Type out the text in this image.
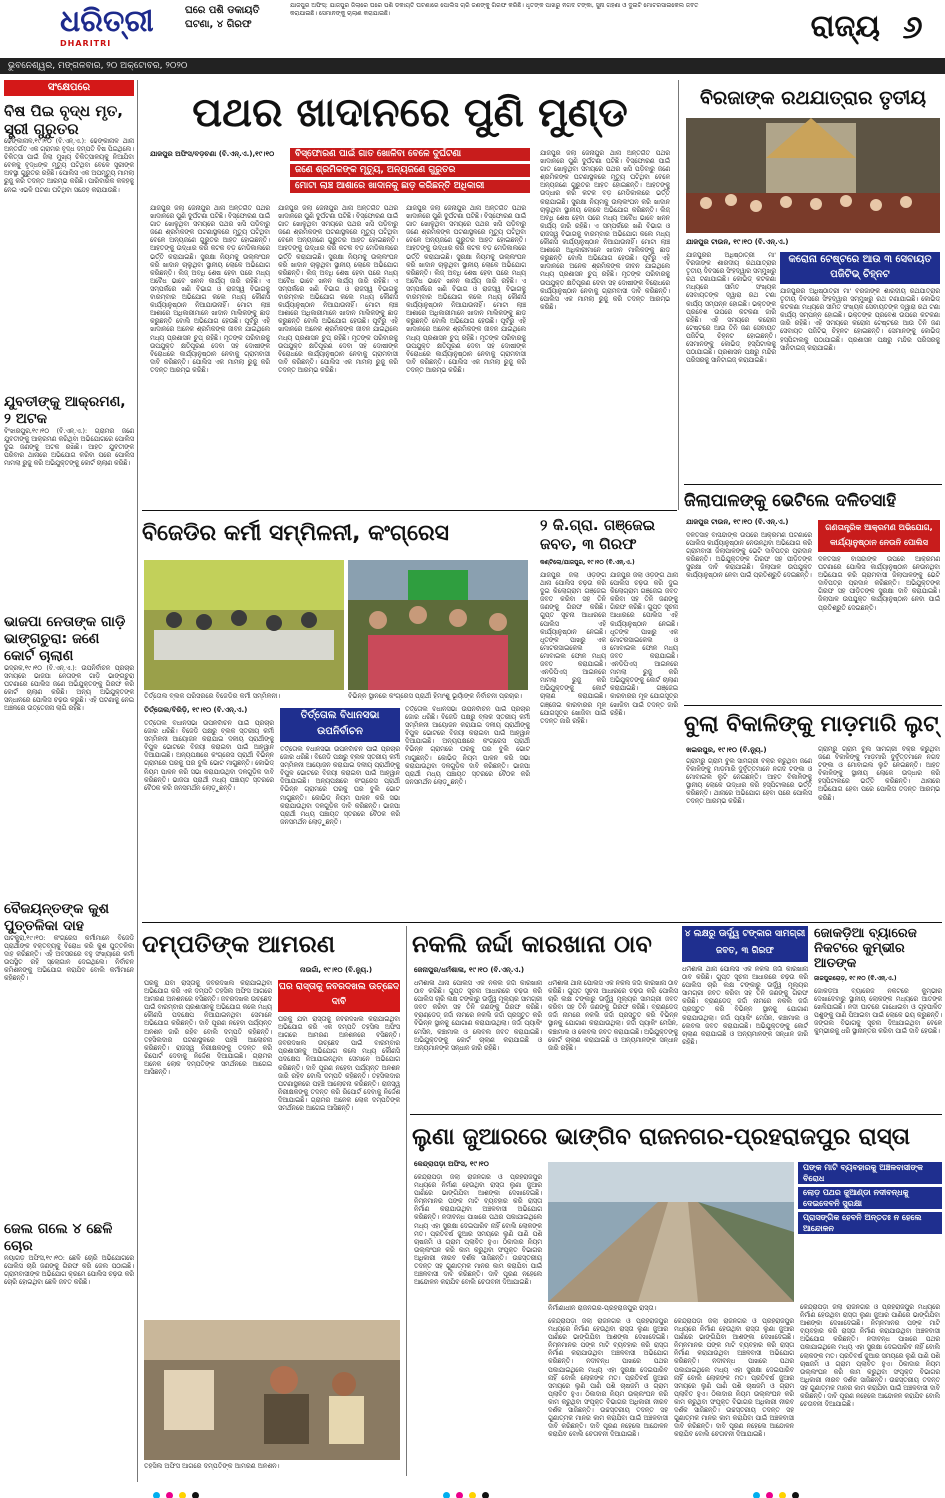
ଧରିତ୍ରୀ
DHARITRI
ଘରେ ପଶି ଡକାୟତି ଘଟଣା, ୪ ଗିରଫ
ଯାଜପୁର ଅଫିସ୍‌: ଯାଜପୁର ଜିଲାରେ ଘରେ ପଶି ଡକାୟତି ଘଟଣାରେ ପୋଲିସ ଚାରି ଜଣଙ୍କୁ ଗିରଫ କରିଛି। ଧୃତଙ୍କ ପାଖରୁ ନଗଦ ଟଙ୍କା, ସୁନା ଗହଣା ଓ ଦୁଇଟି ମୋଟରସାଇକେଲ ଜବତ କରାଯାଇଛି। ସେମାନଙ୍କୁ ଚାଲାଣ କରାଯାଇଛି।	ରାଜ୍ୟ ୬
ଭୁବନେଶ୍ୱର, ମଙ୍ଗଳବାର, ୨୦ ଅକ୍ଟୋବର, ୨୦୨୦
ସଂକ୍ଷେପରେ
ବିଷ ପିଇ ବୃଦ୍ଧ ମୃତ, ସ୍ତ୍ରୀ ଗୁରୁତର
ଢେଙ୍କାନାଳ,୧୯।୧୦ (ବି.ଏନ୍‌.ଏ.): ଢେଙ୍କାନାଳ ଥାନା ଅନ୍ତର୍ଗତ ଏକ ଗ୍ରାମର ବୃଦ୍ଧ ଦମ୍ପତି ବିଷ ପିଇଥିଲେ। ଚିକିତ୍ସା ପାଇଁ ଜିଲା ମୁଖ୍ୟ ଚିକିତ୍ସାଳୟକୁ ନିଆଯିବା ବେଳକୁ ବୃଦ୍ଧଙ୍କ ମୃତ୍ୟୁ ଘଟିଥିବା ବେଳେ ସ୍ତ୍ରୀଙ୍କ ଅବସ୍ଥା ଗୁରୁତର ରହିଛି। ପୋଲିସ ଏକ ଅପମୃତ୍ୟୁ ମାମଲା ରୁଜୁ କରି ତଦନ୍ତ ଆରମ୍ଭ କରିଛି। ପାରିବାରିକ କଳହକୁ ନେଇ ଏଭଳି ଘଟଣା ଘଟିଥିବା ସନ୍ଦେହ କରାଯାଉଛି।
ଯୁବତୀଙ୍କୁ ଆକ୍ରମଣ, ୨ ଅଟକ
ବିଂଝାରପୁର,୧୯।୧୦ (ବି.ଏନ୍‌.ଏ.): ଗ୍ରାମର ଜଣେ ଯୁବତୀଙ୍କୁ ଆକ୍ରମଣ କରିଥିବା ଅଭିଯୋଗରେ ପୋଲିସ ଦୁଇ ଜଣଙ୍କୁ ଅଟକ ରଖିଛି। ଆହତ ଯୁବତୀଙ୍କ ପରିବାର ଥାନାରେ ଅଭିଯୋଗ କରିବା ପରେ ପୋଲିସ ମାମଲା ରୁଜୁ କରି ଅଭିଯୁକ୍ତଙ୍କୁ କୋର୍ଟ ଚାଲାଣ କରିଛି।
ଭାଜପା ନେତାଙ୍କ ଗାଡ଼ି ଭାଙ୍ଗଚୁରା: ଜଣେ କୋର୍ଟ ଚାଲାଣ
ଭଦ୍ରକ,୧୯।୧୦ (ବି.ଏନ୍‌.ଏ.): ଉପନିର୍ବାଚନ ପ୍ରଚାର ସମୟରେ ଭାଜପା ନେତାଙ୍କ ଗାଡ଼ି ଭାଙ୍ଗଚୁରା ଘଟଣାରେ ପୋଲିସ ଜଣେ ଅଭିଯୁକ୍ତଙ୍କୁ ଗିରଫ କରି କୋର୍ଟ ଚାଲାଣ କରିଛି। ଅନ୍ୟ ଅଭିଯୁକ୍ତଙ୍କ ସନ୍ଧାନରେ ପୋଲିସ ଚଢ଼ଉ କରୁଛି। ଏହି ଘଟଣାକୁ ନେଇ ଅଞ୍ଚଳରେ ଉତ୍ତେଜନା ଲାଗି ରହିଛି।
ବୈଜୟନ୍ତଙ୍କ କୁଶ ପୁତ୍ତଳିକା ଦାହ
ପାଟକୁରା,୧୯।୧୦: କଂଗ୍ରେସ କର୍ମୀମାନେ ବିଜେଡି ପ୍ରାର୍ଥୀଙ୍କ ବକ୍ତବ୍ୟକୁ ବିରୋଧ କରି କୁଶ ପୁତ୍ତଳିକା ଦାହ କରିଛନ୍ତି। ଏହି ଅବସରରେ ବହୁ ସଂଖ୍ୟାରେ କର୍ମୀ ଉପସ୍ଥିତ ରହି ସ୍ଲୋଗାନ ଦେଇଥିଲେ। ନିର୍ବାଚନ କମିଶନଙ୍କୁ ଅଭିଯୋଗ କରାଯିବ ବୋଲି କର୍ମୀମାନେ କହିଛନ୍ତି।
ଜେଲ ଗଲେ ୪ ଛେଳି ଚୋର
ନୟାଗଡ଼ ଅଫିସ,୧୯।୧୦: ଛେଳି ଚୋରି ଅଭିଯୋଗରେ ପୋଲିସ ଚାରି ଜଣଙ୍କୁ ଗିରଫ କରି ଜେଲ ପଠାଇଛି। ଗ୍ରାମବାସୀଙ୍କ ଅଭିଯୋଗ କ୍ରମେ ପୋଲିସ ଚଢ଼ଉ କରି ଚୋରି ହୋଇଥିବା ଛେଳି ଜବତ କରିଛି।
ପଥର ଖାଦାନରେ ପୁଣି ମୁଣ୍ଡ
ଯାଜପୁର ଅଫିସ/ବଡ଼ଚଣା (ବି.ଏନ୍‌.ଏ.),୧୯।୧୦	ବିସ୍ଫୋରଣ ପାଇଁ ଗାତ ଖୋଳିବା ବେଳେ ଦୁର୍ଘଟଣା
ଜଣେ ଶ୍ରମିକଙ୍କ ମୃତ୍ୟୁ, ଅନ୍ୟଜଣେ ଗୁରୁତର
ମୋଟା ଲାଞ୍ଚ ଆଶାରେ ଖାଦାନକୁ ଛାଡ଼ କରିଛନ୍ତି ଅଧିକାରୀ
ଯାଜପୁର ଜିଲା ଜେନାପୁର ଥାନା ଅନ୍ତର୍ଗତ ପଥର ଖାଦାନରେ ପୁଣି ଦୁର୍ଘଟଣା ଘଟିଛି। ବିସ୍ଫୋରଣ ପାଇଁ ଗାତ ଖୋଳୁଥିବା ସମୟରେ ପଥର ଖସି ପଡ଼ିବାରୁ ଜଣେ ଶ୍ରମିକଙ୍କ ଘଟଣାସ୍ଥଳରେ ମୃତ୍ୟୁ ଘଟିଥିବା ବେଳେ ଅନ୍ୟଜଣେ ଗୁରୁତର ଆହତ ହୋଇଛନ୍ତି। ଆହତଙ୍କୁ ଉଦ୍ଧାର କରି କଟକ ବଡ଼ ମେଡିକାଲରେ ଭର୍ତ୍ତି କରାଯାଇଛି। ସୁରକ୍ଷା ନିୟମକୁ ଉଲ୍ଲଂଘନ କରି ଖାଦାନ ଚାଲୁଥିବା ସ୍ଥାନୀୟ ଲୋକେ ଅଭିଯୋଗ କରିଛନ୍ତି। ଲିଜ୍ ଅବଧି ଶେଷ ହେବା ପରେ ମଧ୍ୟ ଅବୈଧ ଭାବେ ଖନନ କାର୍ଯ୍ୟ ଜାରି ରହିଛି। ଏ ସମ୍ପର୍କରେ ଖଣି ବିଭାଗ ଓ ରାଜସ୍ୱ ବିଭାଗକୁ ବାରମ୍ବାର ଅଭିଯୋଗ କଲେ ମଧ୍ୟ କୌଣସି କାର୍ଯ୍ୟାନୁଷ୍ଠାନ ନିଆଯାଉନାହିଁ। ମୋଟା ଲାଞ୍ଚ ଆଶାରେ ଅଧିକାରୀମାନେ ଖାଦାନ ମାଲିକଙ୍କୁ ଛାଡ଼ କରୁଛନ୍ତି ବୋଲି ଅଭିଯୋଗ ହେଉଛି। ପୂର୍ବରୁ ଏହି ଖାଦାନରେ ଅନେକ ଶ୍ରମିକଙ୍କ ଜୀବନ ଯାଇଥିଲେ ମଧ୍ୟ ପ୍ରଶାସନ ଚୁପ୍ ରହିଛି। ମୃତଙ୍କ ପରିବାରକୁ ଉପଯୁକ୍ତ କ୍ଷତିପୂରଣ ଦେବା ସହ ଦୋଷୀଙ୍କ ବିରୋଧରେ କାର୍ଯ୍ୟାନୁଷ୍ଠାନ ନେବାକୁ ଗ୍ରାମବାସୀ ଦାବି କରିଛନ୍ତି। ପୋଲିସ ଏକ ମାମଲା ରୁଜୁ କରି ତଦନ୍ତ ଆରମ୍ଭ କରିଛି।
ଯାଜପୁର ଜିଲା ଜେନାପୁର ଥାନା ଅନ୍ତର୍ଗତ ପଥର ଖାଦାନରେ ପୁଣି ଦୁର୍ଘଟଣା ଘଟିଛି। ବିସ୍ଫୋରଣ ପାଇଁ ଗାତ ଖୋଳୁଥିବା ସମୟରେ ପଥର ଖସି ପଡ଼ିବାରୁ ଜଣେ ଶ୍ରମିକଙ୍କ ଘଟଣାସ୍ଥଳରେ ମୃତ୍ୟୁ ଘଟିଥିବା ବେଳେ ଅନ୍ୟଜଣେ ଗୁରୁତର ଆହତ ହୋଇଛନ୍ତି। ଆହତଙ୍କୁ ଉଦ୍ଧାର କରି କଟକ ବଡ଼ ମେଡିକାଲରେ ଭର୍ତ୍ତି କରାଯାଇଛି। ସୁରକ୍ଷା ନିୟମକୁ ଉଲ୍ଲଂଘନ କରି ଖାଦାନ ଚାଲୁଥିବା ସ୍ଥାନୀୟ ଲୋକେ ଅଭିଯୋଗ କରିଛନ୍ତି। ଲିଜ୍ ଅବଧି ଶେଷ ହେବା ପରେ ମଧ୍ୟ ଅବୈଧ ଭାବେ ଖନନ କାର୍ଯ୍ୟ ଜାରି ରହିଛି। ଏ ସମ୍ପର୍କରେ ଖଣି ବିଭାଗ ଓ ରାଜସ୍ୱ ବିଭାଗକୁ ବାରମ୍ବାର ଅଭିଯୋଗ କଲେ ମଧ୍ୟ କୌଣସି କାର୍ଯ୍ୟାନୁଷ୍ଠାନ ନିଆଯାଉନାହିଁ। ମୋଟା ଲାଞ୍ଚ ଆଶାରେ ଅଧିକାରୀମାନେ ଖାଦାନ ମାଲିକଙ୍କୁ ଛାଡ଼ କରୁଛନ୍ତି ବୋଲି ଅଭିଯୋଗ ହେଉଛି। ପୂର୍ବରୁ ଏହି ଖାଦାନରେ ଅନେକ ଶ୍ରମିକଙ୍କ ଜୀବନ ଯାଇଥିଲେ ମଧ୍ୟ ପ୍ରଶାସନ ଚୁପ୍ ରହିଛି। ମୃତଙ୍କ ପରିବାରକୁ ଉପଯୁକ୍ତ କ୍ଷତିପୂରଣ ଦେବା ସହ ଦୋଷୀଙ୍କ ବିରୋଧରେ କାର୍ଯ୍ୟାନୁଷ୍ଠାନ ନେବାକୁ ଗ୍ରାମବାସୀ ଦାବି କରିଛନ୍ତି। ପୋଲିସ ଏକ ମାମଲା ରୁଜୁ କରି ତଦନ୍ତ ଆରମ୍ଭ କରିଛି।
ଯାଜପୁର ଜିଲା ଜେନାପୁର ଥାନା ଅନ୍ତର୍ଗତ ପଥର ଖାଦାନରେ ପୁଣି ଦୁର୍ଘଟଣା ଘଟିଛି। ବିସ୍ଫୋରଣ ପାଇଁ ଗାତ ଖୋଳୁଥିବା ସମୟରେ ପଥର ଖସି ପଡ଼ିବାରୁ ଜଣେ ଶ୍ରମିକଙ୍କ ଘଟଣାସ୍ଥଳରେ ମୃତ୍ୟୁ ଘଟିଥିବା ବେଳେ ଅନ୍ୟଜଣେ ଗୁରୁତର ଆହତ ହୋଇଛନ୍ତି। ଆହତଙ୍କୁ ଉଦ୍ଧାର କରି କଟକ ବଡ଼ ମେଡିକାଲରେ ଭର୍ତ୍ତି କରାଯାଇଛି। ସୁରକ୍ଷା ନିୟମକୁ ଉଲ୍ଲଂଘନ କରି ଖାଦାନ ଚାଲୁଥିବା ସ୍ଥାନୀୟ ଲୋକେ ଅଭିଯୋଗ କରିଛନ୍ତି। ଲିଜ୍ ଅବଧି ଶେଷ ହେବା ପରେ ମଧ୍ୟ ଅବୈଧ ଭାବେ ଖନନ କାର୍ଯ୍ୟ ଜାରି ରହିଛି। ଏ ସମ୍ପର୍କରେ ଖଣି ବିଭାଗ ଓ ରାଜସ୍ୱ ବିଭାଗକୁ ବାରମ୍ବାର ଅଭିଯୋଗ କଲେ ମଧ୍ୟ କୌଣସି କାର୍ଯ୍ୟାନୁଷ୍ଠାନ ନିଆଯାଉନାହିଁ। ମୋଟା ଲାଞ୍ଚ ଆଶାରେ ଅଧିକାରୀମାନେ ଖାଦାନ ମାଲିକଙ୍କୁ ଛାଡ଼ କରୁଛନ୍ତି ବୋଲି ଅଭିଯୋଗ ହେଉଛି। ପୂର୍ବରୁ ଏହି ଖାଦାନରେ ଅନେକ ଶ୍ରମିକଙ୍କ ଜୀବନ ଯାଇଥିଲେ ମଧ୍ୟ ପ୍ରଶାସନ ଚୁପ୍ ରହିଛି। ମୃତଙ୍କ ପରିବାରକୁ ଉପଯୁକ୍ତ କ୍ଷତିପୂରଣ ଦେବା ସହ ଦୋଷୀଙ୍କ ବିରୋଧରେ କାର୍ଯ୍ୟାନୁଷ୍ଠାନ ନେବାକୁ ଗ୍ରାମବାସୀ ଦାବି କରିଛନ୍ତି। ପୋଲିସ ଏକ ମାମଲା ରୁଜୁ କରି ତଦନ୍ତ ଆରମ୍ଭ କରିଛି।
ଯାଜପୁର ଜିଲା ଜେନାପୁର ଥାନା ଅନ୍ତର୍ଗତ ପଥର ଖାଦାନରେ ପୁଣି ଦୁର୍ଘଟଣା ଘଟିଛି। ବିସ୍ଫୋରଣ ପାଇଁ ଗାତ ଖୋଳୁଥିବା ସମୟରେ ପଥର ଖସି ପଡ଼ିବାରୁ ଜଣେ ଶ୍ରମିକଙ୍କ ଘଟଣାସ୍ଥଳରେ ମୃତ୍ୟୁ ଘଟିଥିବା ବେଳେ ଅନ୍ୟଜଣେ ଗୁରୁତର ଆହତ ହୋଇଛନ୍ତି। ଆହତଙ୍କୁ ଉଦ୍ଧାର କରି କଟକ ବଡ଼ ମେଡିକାଲରେ ଭର୍ତ୍ତି କରାଯାଇଛି। ସୁରକ୍ଷା ନିୟମକୁ ଉଲ୍ଲଂଘନ କରି ଖାଦାନ ଚାଲୁଥିବା ସ୍ଥାନୀୟ ଲୋକେ ଅଭିଯୋଗ କରିଛନ୍ତି। ଲିଜ୍ ଅବଧି ଶେଷ ହେବା ପରେ ମଧ୍ୟ ଅବୈଧ ଭାବେ ଖନନ କାର୍ଯ୍ୟ ଜାରି ରହିଛି। ଏ ସମ୍ପର୍କରେ ଖଣି ବିଭାଗ ଓ ରାଜସ୍ୱ ବିଭାଗକୁ ବାରମ୍ବାର ଅଭିଯୋଗ କଲେ ମଧ୍ୟ କୌଣସି କାର୍ଯ୍ୟାନୁଷ୍ଠାନ ନିଆଯାଉନାହିଁ। ମୋଟା ଲାଞ୍ଚ ଆଶାରେ ଅଧିକାରୀମାନେ ଖାଦାନ ମାଲିକଙ୍କୁ ଛାଡ଼ କରୁଛନ୍ତି ବୋଲି ଅଭିଯୋଗ ହେଉଛି। ପୂର୍ବରୁ ଏହି ଖାଦାନରେ ଅନେକ ଶ୍ରମିକଙ୍କ ଜୀବନ ଯାଇଥିଲେ ମଧ୍ୟ ପ୍ରଶାସନ ଚୁପ୍ ରହିଛି। ମୃତଙ୍କ ପରିବାରକୁ ଉପଯୁକ୍ତ କ୍ଷତିପୂରଣ ଦେବା ସହ ଦୋଷୀଙ୍କ ବିରୋଧରେ କାର୍ଯ୍ୟାନୁଷ୍ଠାନ ନେବାକୁ ଗ୍ରାମବାସୀ ଦାବି କରିଛନ୍ତି। ପୋଲିସ ଏକ ମାମଲା ରୁଜୁ କରି ତଦନ୍ତ ଆରମ୍ଭ କରିଛି।
ବିରଜାଙ୍କ ରଥଯାତ୍ରାର ତୃତୀୟ
ଯାଜପୁର ଟାଉନ, ୧୯।୧୦ (ବି.ଏନ୍‌.ଏ.)
କରୋନା ଟେଷ୍ଟରେ ଆଉ ୩ ସେବାୟତ ପଜିଟିଭ୍ ଚିହ୍ନଟ
ଯାଜପୁରର ଅଧିଷ୍ଠାତ୍ରୀ ମା' ବିରଜାଙ୍କ ଶାରଦୀୟ ରଥଯାତ୍ରାର ତୃତୀୟ ଦିବସରେ ସିଂହଦ୍ୱାର ସମ୍ମୁଖରୁ ରଥ ଟଣାଯାଇଛି। କୋଭିଡ୍ କଟକଣା ମଧ୍ୟରେ ସୀମିତ ସଂଖ୍ୟକ ସେବାୟତଙ୍କ ଦ୍ୱାରା ରଥ ଟଣା କାର୍ଯ୍ୟ ସମ୍ପନ୍ନ ହୋଇଛି। ଭକ୍ତଙ୍କ ପ୍ରବେଶ ଉପରେ କଟକଣା ଜାରି ରହିଛି। ଏହି ସମୟରେ କରୋନା ଟେଷ୍ଟରେ ଆଉ ତିନି ଜଣ ସେବାୟତ ପଜିଟିଭ୍ ଚିହ୍ନଟ ହୋଇଛନ୍ତି। ସେମାନଙ୍କୁ କୋଭିଡ୍ ହସ୍ପିଟାଲକୁ ପଠାଯାଇଛି। ପ୍ରଶାସନ ପକ୍ଷରୁ ମନ୍ଦିର ପରିସରକୁ ସାନିଟାଇଜ୍ କରାଯାଇଛି।
ଯାଜପୁରର ଅଧିଷ୍ଠାତ୍ରୀ ମା' ବିରଜାଙ୍କ ଶାରଦୀୟ ରଥଯାତ୍ରାର ତୃତୀୟ ଦିବସରେ ସିଂହଦ୍ୱାର ସମ୍ମୁଖରୁ ରଥ ଟଣାଯାଇଛି। କୋଭିଡ୍ କଟକଣା ମଧ୍ୟରେ ସୀମିତ ସଂଖ୍ୟକ ସେବାୟତଙ୍କ ଦ୍ୱାରା ରଥ ଟଣା କାର୍ଯ୍ୟ ସମ୍ପନ୍ନ ହୋଇଛି। ଭକ୍ତଙ୍କ ପ୍ରବେଶ ଉପରେ କଟକଣା ଜାରି ରହିଛି। ଏହି ସମୟରେ କରୋନା ଟେଷ୍ଟରେ ଆଉ ତିନି ଜଣ ସେବାୟତ ପଜିଟିଭ୍ ଚିହ୍ନଟ ହୋଇଛନ୍ତି। ସେମାନଙ୍କୁ କୋଭିଡ୍ ହସ୍ପିଟାଲକୁ ପଠାଯାଇଛି। ପ୍ରଶାସନ ପକ୍ଷରୁ ମନ୍ଦିର ପରିସରକୁ ସାନିଟାଇଜ୍ କରାଯାଇଛି।
ଜିଲାପାଳଙ୍କୁ ଭେଟିଲେ ଦଳିତସାହି
ଯାଜପୁର ଟାଉନ, ୧୯।୧୦ (ବି.ଏନ୍‌.ଏ.)
ଗଣତାନ୍ତ୍ରିକ ଆକ୍ରମଣ ଅଭିଯୋଗ, କାର୍ଯ୍ୟାନୁଷ୍ଠାନ ନେଉନି ପୋଲିସ
ଦଳିତସାହି ବାସିନ୍ଦାଙ୍କ ଉପରେ ଆକ୍ରମଣ ଘଟଣାରେ ପୋଲିସ କାର୍ଯ୍ୟାନୁଷ୍ଠାନ ନେଉନଥିବା ଅଭିଯୋଗ କରି ଗ୍ରାମବାସୀ ଜିଲାପାଳଙ୍କୁ ଭେଟି ଦାବିପତ୍ର ପ୍ରଦାନ କରିଛନ୍ତି। ଅଭିଯୁକ୍ତଙ୍କ ଗିରଫ ସହ ପୀଡ଼ିତଙ୍କ ସୁରକ୍ଷା ଦାବି କରାଯାଇଛି। ଜିଲାପାଳ ଉପଯୁକ୍ତ କାର୍ଯ୍ୟାନୁଷ୍ଠାନ ନେବା ପାଇଁ ପ୍ରତିଶ୍ରୁତି ଦେଇଛନ୍ତି।
ଦଳିତସାହି ବାସିନ୍ଦାଙ୍କ ଉପରେ ଆକ୍ରମଣ ଘଟଣାରେ ପୋଲିସ କାର୍ଯ୍ୟାନୁଷ୍ଠାନ ନେଉନଥିବା ଅଭିଯୋଗ କରି ଗ୍ରାମବାସୀ ଜିଲାପାଳଙ୍କୁ ଭେଟି ଦାବିପତ୍ର ପ୍ରଦାନ କରିଛନ୍ତି। ଅଭିଯୁକ୍ତଙ୍କ ଗିରଫ ସହ ପୀଡ଼ିତଙ୍କ ସୁରକ୍ଷା ଦାବି କରାଯାଇଛି। ଜିଲାପାଳ ଉପଯୁକ୍ତ କାର୍ଯ୍ୟାନୁଷ୍ଠାନ ନେବା ପାଇଁ ପ୍ରତିଶ୍ରୁତି ଦେଇଛନ୍ତି।
ବୁଲା ବିକାଳିଙ୍କୁ ମାଡ଼ମାରି ଲୁଟ୍
ଖଇରପୁର, ୧୯।୧୦ (ବି.ନ୍ୟୁ.)
ଗ୍ରାମରୁ ଗ୍ରାମ ବୁଲି ସାମଗ୍ରୀ ବିକ୍ରି କରୁଥିବା ଜଣେ ବିକାଳିଙ୍କୁ ମାଡ଼ମାରି ଦୁର୍ବୃତ୍ତମାନେ ନଗଦ ଟଙ୍କା ଓ ମୋବାଇଲ ଲୁଟି ନେଇଛନ୍ତି। ଆହତ ବିକାଳିଙ୍କୁ ସ୍ଥାନୀୟ ଲୋକେ ଉଦ୍ଧାର କରି ହସ୍ପିଟାଲରେ ଭର୍ତ୍ତି କରିଛନ୍ତି। ଥାନାରେ ଅଭିଯୋଗ ହେବା ପରେ ପୋଲିସ ତଦନ୍ତ ଆରମ୍ଭ କରିଛି।
ଗ୍ରାମରୁ ଗ୍ରାମ ବୁଲି ସାମଗ୍ରୀ ବିକ୍ରି କରୁଥିବା ଜଣେ ବିକାଳିଙ୍କୁ ମାଡ଼ମାରି ଦୁର୍ବୃତ୍ତମାନେ ନଗଦ ଟଙ୍କା ଓ ମୋବାଇଲ ଲୁଟି ନେଇଛନ୍ତି। ଆହତ ବିକାଳିଙ୍କୁ ସ୍ଥାନୀୟ ଲୋକେ ଉଦ୍ଧାର କରି ହସ୍ପିଟାଲରେ ଭର୍ତ୍ତି କରିଛନ୍ତି। ଥାନାରେ ଅଭିଯୋଗ ହେବା ପରେ ପୋଲିସ ତଦନ୍ତ ଆରମ୍ଭ କରିଛି।
ବିଜେଡିର କର୍ମୀ ସମ୍ମିଳନୀ, କଂଗ୍ରେସ
ତିର୍ତ୍ତୋଲ ବ୍ଲକ ପରିସରରେ ବିଜେଡିର କର୍ମୀ ସମ୍ମିଳନୀ।	ବିଭିନ୍ନ ସ୍ଥାନରେ କଂଗ୍ରେସ ପ୍ରାର୍ଥୀ ହିମାଂଶୁ ଭୂୟାଁଙ୍କ ନିର୍ବାଚନୀ ପ୍ରଚାର।
ତିର୍ତ୍ତୋଲ/ବିରିଡ଼ି, ୧୯।୧୦ (ବି.ଏନ୍‌.ଏ.)	ତିର୍ତ୍ତୋଲ ବିଧାନସଭା ଉପନିର୍ବାଚନ
ତିର୍ତ୍ତୋଲ ବିଧାନସଭା ଉପନିର୍ବାଚନ ପାଇଁ ପ୍ରଚାର ଜୋର ଧରିଛି। ବିଜେଡି ପକ୍ଷରୁ ବ୍ଲକ ସ୍ତରୀୟ କର୍ମୀ ସମ୍ମିଳନୀ ଆୟୋଜନ କରାଯାଇ ଦଳୀୟ ପ୍ରାର୍ଥୀଙ୍କୁ ବିପୁଳ ଭୋଟରେ ବିଜୟୀ କରାଇବା ପାଇଁ ଆହ୍ୱାନ ଦିଆଯାଇଛି। ଅନ୍ୟପକ୍ଷରେ କଂଗ୍ରେସ ପ୍ରାର୍ଥୀ ବିଭିନ୍ନ ଗ୍ରାମରେ ଘରକୁ ଘର ବୁଲି ଭୋଟ ମାଗୁଛନ୍ତି। କୋଭିଡ୍ ନିୟମ ପାଳନ କରି ସଭା କରାଯାଉଥିବା ଦଳଗୁଡ଼ିକ ଦାବି କରିଛନ୍ତି। ଭାଜପା ପ୍ରାର୍ଥୀ ମଧ୍ୟ ପଞ୍ଚାୟତ ସ୍ତରରେ ବୈଠକ କରି ଜନସମର୍ଥନ ଲୋଡ଼ୁଛନ୍ତି।
ତିର୍ତ୍ତୋଲ ବିଧାନସଭା ଉପନିର୍ବାଚନ ପାଇଁ ପ୍ରଚାର ଜୋର ଧରିଛି। ବିଜେଡି ପକ୍ଷରୁ ବ୍ଲକ ସ୍ତରୀୟ କର୍ମୀ ସମ୍ମିଳନୀ ଆୟୋଜନ କରାଯାଇ ଦଳୀୟ ପ୍ରାର୍ଥୀଙ୍କୁ ବିପୁଳ ଭୋଟରେ ବିଜୟୀ କରାଇବା ପାଇଁ ଆହ୍ୱାନ ଦିଆଯାଇଛି। ଅନ୍ୟପକ୍ଷରେ କଂଗ୍ରେସ ପ୍ରାର୍ଥୀ ବିଭିନ୍ନ ଗ୍ରାମରେ ଘରକୁ ଘର ବୁଲି ଭୋଟ ମାଗୁଛନ୍ତି। କୋଭିଡ୍ ନିୟମ ପାଳନ କରି ସଭା କରାଯାଉଥିବା ଦଳଗୁଡ଼ିକ ଦାବି କରିଛନ୍ତି। ଭାଜପା ପ୍ରାର୍ଥୀ ମଧ୍ୟ ପଞ୍ଚାୟତ ସ୍ତରରେ ବୈଠକ କରି ଜନସମର୍ଥନ ଲୋଡ଼ୁଛନ୍ତି।
ତିର୍ତ୍ତୋଲ ବିଧାନସଭା ଉପନିର୍ବାଚନ ପାଇଁ ପ୍ରଚାର ଜୋର ଧରିଛି। ବିଜେଡି ପକ୍ଷରୁ ବ୍ଲକ ସ୍ତରୀୟ କର୍ମୀ ସମ୍ମିଳନୀ ଆୟୋଜନ କରାଯାଇ ଦଳୀୟ ପ୍ରାର୍ଥୀଙ୍କୁ ବିପୁଳ ଭୋଟରେ ବିଜୟୀ କରାଇବା ପାଇଁ ଆହ୍ୱାନ ଦିଆଯାଇଛି। ଅନ୍ୟପକ୍ଷରେ କଂଗ୍ରେସ ପ୍ରାର୍ଥୀ ବିଭିନ୍ନ ଗ୍ରାମରେ ଘରକୁ ଘର ବୁଲି ଭୋଟ ମାଗୁଛନ୍ତି। କୋଭିଡ୍ ନିୟମ ପାଳନ କରି ସଭା କରାଯାଉଥିବା ଦଳଗୁଡ଼ିକ ଦାବି କରିଛନ୍ତି। ଭାଜପା ପ୍ରାର୍ଥୀ ମଧ୍ୟ ପଞ୍ଚାୟତ ସ୍ତରରେ ବୈଠକ କରି ଜନସମର୍ଥନ ଲୋଡ଼ୁଛନ୍ତି।
୨ କି.ଗ୍ରା. ଗଞ୍ଜେଇ ଜବତ, ୩ ଗିରଫ
କଣ୍ଟିଲୋ/ଯାଜପୁର, ୧୯।୧୦ (ବି.ଏନ୍‌.ଏ.)
ଯାଜପୁର ଜିଲା ଓଡ଼ଙ୍ଗ ଥାନା ପୋଲିସ ଚଢ଼ଉ କରି ଦୁଇ କିଲୋଗ୍ରାମ ଗଞ୍ଜେଇ ଜବତ କରିବା ସହ ତିନି ଜଣଙ୍କୁ ଗିରଫ କରିଛି। ଗୁପ୍ତ ସୂଚନା ଆଧାରରେ ପୋଲିସ ଏହି କାର୍ଯ୍ୟାନୁଷ୍ଠାନ ନେଇଛି। ଧୃତଙ୍କ ପାଖରୁ ଏକ ମୋଟରସାଇକେଲ ଓ ମୋବାଇଲ ଫୋନ ମଧ୍ୟ ଜବତ କରାଯାଇଛି। ଏନଡିପିଏସ୍ ଆଇନରେ ମାମଲା ରୁଜୁ କରି ଅଭିଯୁକ୍ତଙ୍କୁ କୋର୍ଟ ଚାଲାଣ କରାଯାଇଛି। ଗଞ୍ଜେଇ କାରବାରର ମୂଳ ଯୋଗସୂତ୍ର ଖୋଜିବା ପାଇଁ ତଦନ୍ତ ଜାରି ରହିଛି।
ଯାଜପୁର ଜିଲା ଓଡ଼ଙ୍ଗ ଥାନା ପୋଲିସ ଚଢ଼ଉ କରି ଦୁଇ କିଲୋଗ୍ରାମ ଗଞ୍ଜେଇ ଜବତ କରିବା ସହ ତିନି ଜଣଙ୍କୁ ଗିରଫ କରିଛି। ଗୁପ୍ତ ସୂଚନା ଆଧାରରେ ପୋଲିସ ଏହି କାର୍ଯ୍ୟାନୁଷ୍ଠାନ ନେଇଛି। ଧୃତଙ୍କ ପାଖରୁ ଏକ ମୋଟରସାଇକେଲ ଓ ମୋବାଇଲ ଫୋନ ମଧ୍ୟ ଜବତ କରାଯାଇଛି। ଏନଡିପିଏସ୍ ଆଇନରେ ମାମଲା ରୁଜୁ କରି ଅଭିଯୁକ୍ତଙ୍କୁ କୋର୍ଟ ଚାଲାଣ କରାଯାଇଛି। ଗଞ୍ଜେଇ କାରବାରର ମୂଳ ଯୋଗସୂତ୍ର ଖୋଜିବା ପାଇଁ ତଦନ୍ତ ଜାରି ରହିଛି।
ଦମ୍ପତିଙ୍କ ଆମରଣ
ନାଉଗାଁ, ୧୯।୧୦ (ବି.ନ୍ୟୁ.)
ଘର ରାସ୍ତାକୁ ଜବରଦଖଲ ଉଚ୍ଛେଦ ଦାବି
ଘରକୁ ଯିବା ରାସ୍ତାକୁ ଜବରଦଖଲ କରାଯାଇଥିବା ଅଭିଯୋଗ କରି ଏକ ଦମ୍ପତି ତହସିଲ ଅଫିସ ଆଗରେ ଆମରଣ ଅନଶନରେ ବସିଛନ୍ତି। ଜବରଦଖଲ ଉଚ୍ଛେଦ ପାଇଁ ବାରମ୍ବାର ପ୍ରଶାସନକୁ ଅଭିଯୋଗ କଲେ ମଧ୍ୟ କୌଣସି ପଦକ୍ଷେପ ନିଆଯାଇନଥିବା ସେମାନେ ଅଭିଯୋଗ କରିଛନ୍ତି। ଦାବି ପୂରଣ ନହେବା ପର୍ଯ୍ୟନ୍ତ ଅନଶନ ଜାରି ରହିବ ବୋଲି ଦମ୍ପତି କହିଛନ୍ତି। ତହସିଲଦାର ଘଟଣାସ୍ଥଳରେ ପହଞ୍ଚି ଆଲୋଚନା କରିଛନ୍ତି। ରାଜସ୍ୱ ନିରୀକ୍ଷକଙ୍କୁ ତଦନ୍ତ କରି ରିପୋର୍ଟ ଦେବାକୁ ନିର୍ଦ୍ଦେଶ ଦିଆଯାଇଛି। ଗ୍ରାମର ଅନେକ ଲୋକ ଦମ୍ପତିଙ୍କ ସମର୍ଥନରେ ଆଗେଇ ଆସିଛନ୍ତି।
ଘରକୁ ଯିବା ରାସ୍ତାକୁ ଜବରଦଖଲ କରାଯାଇଥିବା ଅଭିଯୋଗ କରି ଏକ ଦମ୍ପତି ତହସିଲ ଅଫିସ ଆଗରେ ଆମରଣ ଅନଶନରେ ବସିଛନ୍ତି। ଜବରଦଖଲ ଉଚ୍ଛେଦ ପାଇଁ ବାରମ୍ବାର ପ୍ରଶାସନକୁ ଅଭିଯୋଗ କଲେ ମଧ୍ୟ କୌଣସି ପଦକ୍ଷେପ ନିଆଯାଇନଥିବା ସେମାନେ ଅଭିଯୋଗ କରିଛନ୍ତି। ଦାବି ପୂରଣ ନହେବା ପର୍ଯ୍ୟନ୍ତ ଅନଶନ ଜାରି ରହିବ ବୋଲି ଦମ୍ପତି କହିଛନ୍ତି। ତହସିଲଦାର ଘଟଣାସ୍ଥଳରେ ପହଞ୍ଚି ଆଲୋଚନା କରିଛନ୍ତି। ରାଜସ୍ୱ ନିରୀକ୍ଷକଙ୍କୁ ତଦନ୍ତ କରି ରିପୋର୍ଟ ଦେବାକୁ ନିର୍ଦ୍ଦେଶ ଦିଆଯାଇଛି। ଗ୍ରାମର ଅନେକ ଲୋକ ଦମ୍ପତିଙ୍କ ସମର୍ଥନରେ ଆଗେଇ ଆସିଛନ୍ତି।
ତହସିଲ ଅଫିସ ଆଗରେ ଦମ୍ପତିଙ୍କ ଆମରଣ ଅନଶନ।
ନକଲି ଜର୍ଦ୍ଦା କାରଖାନା ଠାବ
ଜେନାପୁର/ଧର୍ମଶାଳା, ୧୯।୧୦ (ବି.ଏନ୍‌.ଏ.)
ଧର୍ମଶାଳା ଥାନା ପୋଲିସ ଏକ ନକଲି ଜର୍ଦ୍ଦା କାରଖାନା ଠାବ କରିଛି। ଗୁପ୍ତ ସୂଚନା ଆଧାରରେ ଚଢ଼ଉ କରି ପୋଲିସ ଚାରି ଲକ୍ଷ ଟଙ୍କାରୁ ଊର୍ଦ୍ଧ୍ୱ ମୂଲ୍ୟର ସାମଗ୍ରୀ ଜବତ କରିବା ସହ ତିନି ଜଣଙ୍କୁ ଗିରଫ କରିଛି। ବ୍ରାଣ୍ଡେଡ୍ ଜର୍ଦ୍ଦା ନାମରେ ନକଲି ଜର୍ଦ୍ଦା ପ୍ରସ୍ତୁତ କରି ବିଭିନ୍ନ ସ୍ଥାନକୁ ଯୋଗାଣ କରାଯାଉଥିଲା। ଜର୍ଦ୍ଦା ପ୍ୟାକିଂ ମେସିନ, କଞ୍ଚାମାଲ ଓ ଲେବଲ ଜବତ କରାଯାଇଛି। ଅଭିଯୁକ୍ତଙ୍କୁ କୋର୍ଟ ଚାଲାଣ କରାଯାଇଛି ଓ ଅନ୍ୟମାନଙ୍କ ସନ୍ଧାନ ଜାରି ରହିଛି।
ଧର୍ମଶାଳା ଥାନା ପୋଲିସ ଏକ ନକଲି ଜର୍ଦ୍ଦା କାରଖାନା ଠାବ କରିଛି। ଗୁପ୍ତ ସୂଚନା ଆଧାରରେ ଚଢ଼ଉ କରି ପୋଲିସ ଚାରି ଲକ୍ଷ ଟଙ୍କାରୁ ଊର୍ଦ୍ଧ୍ୱ ମୂଲ୍ୟର ସାମଗ୍ରୀ ଜବତ କରିବା ସହ ତିନି ଜଣଙ୍କୁ ଗିରଫ କରିଛି। ବ୍ରାଣ୍ଡେଡ୍ ଜର୍ଦ୍ଦା ନାମରେ ନକଲି ଜର୍ଦ୍ଦା ପ୍ରସ୍ତୁତ କରି ବିଭିନ୍ନ ସ୍ଥାନକୁ ଯୋଗାଣ କରାଯାଉଥିଲା। ଜର୍ଦ୍ଦା ପ୍ୟାକିଂ ମେସିନ, କଞ୍ଚାମାଲ ଓ ଲେବଲ ଜବତ କରାଯାଇଛି। ଅଭିଯୁକ୍ତଙ୍କୁ କୋର୍ଟ ଚାଲାଣ କରାଯାଇଛି ଓ ଅନ୍ୟମାନଙ୍କ ସନ୍ଧାନ ଜାରି ରହିଛି।
୪ ଲକ୍ଷରୁ ଊର୍ଦ୍ଧ୍ୱ ଟଙ୍କାର ସାମଗ୍ରୀ ଜବତ, ୩ ଗିରଫ
ଧର୍ମଶାଳା ଥାନା ପୋଲିସ ଏକ ନକଲି ଜର୍ଦ୍ଦା କାରଖାନା ଠାବ କରିଛି। ଗୁପ୍ତ ସୂଚନା ଆଧାରରେ ଚଢ଼ଉ କରି ପୋଲିସ ଚାରି ଲକ୍ଷ ଟଙ୍କାରୁ ଊର୍ଦ୍ଧ୍ୱ ମୂଲ୍ୟର ସାମଗ୍ରୀ ଜବତ କରିବା ସହ ତିନି ଜଣଙ୍କୁ ଗିରଫ କରିଛି। ବ୍ରାଣ୍ଡେଡ୍ ଜର୍ଦ୍ଦା ନାମରେ ନକଲି ଜର୍ଦ୍ଦା ପ୍ରସ୍ତୁତ କରି ବିଭିନ୍ନ ସ୍ଥାନକୁ ଯୋଗାଣ କରାଯାଉଥିଲା। ଜର୍ଦ୍ଦା ପ୍ୟାକିଂ ମେସିନ, କଞ୍ଚାମାଲ ଓ ଲେବଲ ଜବତ କରାଯାଇଛି। ଅଭିଯୁକ୍ତଙ୍କୁ କୋର୍ଟ ଚାଲାଣ କରାଯାଇଛି ଓ ଅନ୍ୟମାନଙ୍କ ସନ୍ଧାନ ଜାରି ରହିଛି।
ଜୋକଡ଼ିଆ ବ୍ୟାରେଜ ନିକଟରେ କୁମ୍ଭୀର ଆତଙ୍କ
ଜାଜପୁରରୋଡ଼, ୧୯।୧୦ (ବି.ଏନ୍‌.ଏ.)
ଜୋକଡ଼ିଆ ବ୍ୟାରେଜ ନିକଟରେ କୁମ୍ଭୀର ଦେଖାଦେବାରୁ ସ୍ଥାନୀୟ ଲୋକଙ୍କ ମଧ୍ୟରେ ଆତଙ୍କ ଖେଳିଯାଇଛି। ନଦୀ ଘାଟରେ ଗାଧୋଇବା ଓ ଗୃହପାଳିତ ପଶୁଙ୍କୁ ପାଣି ପିଆଇବା ପାଇଁ ଲୋକେ ଭୟ କରୁଛନ୍ତି। ଜଙ୍ଗଲ ବିଭାଗକୁ ସୂଚନା ଦିଆଯାଇଥିବା ବେଳେ କୁମ୍ଭୀରକୁ ଧରି ସ୍ଥାନାନ୍ତର କରିବା ପାଇଁ ଦାବି ହେଉଛି।
ଲୁଣା ଜୁଆରରେ ଭାଙ୍ଗିବ ରାଜନଗର-ପ୍ରହରାଜପୁର ରାସ୍ତା
କେନ୍ଦ୍ରାପଡ଼ା ଅଫିସ, ୧୯।୧୦
କେନ୍ଦ୍ରାପଡ଼ା ଜିଲା ରାଜନଗର ଓ ପ୍ରହରାଜପୁର ମଧ୍ୟରେ ନିର୍ମାଣ ହେଉଥିବା ରାସ୍ତା ଲୁଣା ଜୁଆର ପାଣିରେ ଭାଙ୍ଗିଯିବା ଆଶଙ୍କା ଦେଖାଦେଇଛି। ନିମ୍ନମାନର ପଙ୍କ ମାଟି ବ୍ୟବହାର କରି ରାସ୍ତା ନିର୍ମାଣ କରାଯାଉଥିବା ଅଞ୍ଚଳବାସୀ ଅଭିଯୋଗ କରିଛନ୍ତି। ନଦୀବନ୍ଧ ପାଖରେ ପଥର ପକାଯାଇଥିଲେ ମଧ୍ୟ ଏହା ସୁରକ୍ଷା ଦେଇପାରିବ ନାହିଁ ବୋଲି ଲୋକଙ୍କ ମତ। ପ୍ରତିବର୍ଷ ଜୁଆର ସମୟରେ ଲୁଣି ପାଣି ପଶି ଚାଷଜମି ଓ ଗ୍ରାମ ପ୍ଲାବିତ ହୁଏ। ଠିକାଦାର ନିୟମ ଉଲ୍ଲଂଘନ କରି କାମ କରୁଥିବା ସଂପୃକ୍ତ ବିଭାଗର ଅଧିକାରୀ ନୀରବ ଦର୍ଶକ ସାଜିଛନ୍ତି। ଉଚ୍ଚସ୍ତରୀୟ ତଦନ୍ତ ସହ ଗୁଣାତ୍ମକ ମାନର କାମ କରାଯିବା ପାଇଁ ଅଞ୍ଚଳବାସୀ ଦାବି କରିଛନ୍ତି। ଦାବି ପୂରଣ ନହେଲେ ଆନ୍ଦୋଳନ କରାଯିବ ବୋଲି ଚେତାବନୀ ଦିଆଯାଇଛି।
ନିର୍ମାଣାଧୀନ ରାଜନଗର-ପ୍ରହରାଜପୁର ରାସ୍ତା।
ପଙ୍କ ମାଟି ବ୍ୟବହାରକୁ ଅଞ୍ଚଳବାସୀଙ୍କ ବିରୋଧ
ଲୋଡ଼ ପଥର ଜୁଆଣ୍ଡା ନଦୀବନ୍ଧକୁ ଦେଇଦେବନି ସୁରକ୍ଷା
ପ୍ରାସଙ୍ଗିକ ହେବନି ଅନ୍ତତଃ ନ ହେଲେ ଆନ୍ଦୋଳନ
କେନ୍ଦ୍ରାପଡ଼ା ଜିଲା ରାଜନଗର ଓ ପ୍ରହରାଜପୁର ମଧ୍ୟରେ ନିର୍ମାଣ ହେଉଥିବା ରାସ୍ତା ଲୁଣା ଜୁଆର ପାଣିରେ ଭାଙ୍ଗିଯିବା ଆଶଙ୍କା ଦେଖାଦେଇଛି। ନିମ୍ନମାନର ପଙ୍କ ମାଟି ବ୍ୟବହାର କରି ରାସ୍ତା ନିର୍ମାଣ କରାଯାଉଥିବା ଅଞ୍ଚଳବାସୀ ଅଭିଯୋଗ କରିଛନ୍ତି। ନଦୀବନ୍ଧ ପାଖରେ ପଥର ପକାଯାଇଥିଲେ ମଧ୍ୟ ଏହା ସୁରକ୍ଷା ଦେଇପାରିବ ନାହିଁ ବୋଲି ଲୋକଙ୍କ ମତ। ପ୍ରତିବର୍ଷ ଜୁଆର ସମୟରେ ଲୁଣି ପାଣି ପଶି ଚାଷଜମି ଓ ଗ୍ରାମ ପ୍ଲାବିତ ହୁଏ। ଠିକାଦାର ନିୟମ ଉଲ୍ଲଂଘନ କରି କାମ କରୁଥିବା ସଂପୃକ୍ତ ବିଭାଗର ଅଧିକାରୀ ନୀରବ ଦର୍ଶକ ସାଜିଛନ୍ତି। ଉଚ୍ଚସ୍ତରୀୟ ତଦନ୍ତ ସହ ଗୁଣାତ୍ମକ ମାନର କାମ କରାଯିବା ପାଇଁ ଅଞ୍ଚଳବାସୀ ଦାବି କରିଛନ୍ତି। ଦାବି ପୂରଣ ନହେଲେ ଆନ୍ଦୋଳନ କରାଯିବ ବୋଲି ଚେତାବନୀ ଦିଆଯାଇଛି।
କେନ୍ଦ୍ରାପଡ଼ା ଜିଲା ରାଜନଗର ଓ ପ୍ରହରାଜପୁର ମଧ୍ୟରେ ନିର୍ମାଣ ହେଉଥିବା ରାସ୍ତା ଲୁଣା ଜୁଆର ପାଣିରେ ଭାଙ୍ଗିଯିବା ଆଶଙ୍କା ଦେଖାଦେଇଛି। ନିମ୍ନମାନର ପଙ୍କ ମାଟି ବ୍ୟବହାର କରି ରାସ୍ତା ନିର୍ମାଣ କରାଯାଉଥିବା ଅଞ୍ଚଳବାସୀ ଅଭିଯୋଗ କରିଛନ୍ତି। ନଦୀବନ୍ଧ ପାଖରେ ପଥର ପକାଯାଇଥିଲେ ମଧ୍ୟ ଏହା ସୁରକ୍ଷା ଦେଇପାରିବ ନାହିଁ ବୋଲି ଲୋକଙ୍କ ମତ। ପ୍ରତିବର୍ଷ ଜୁଆର ସମୟରେ ଲୁଣି ପାଣି ପଶି ଚାଷଜମି ଓ ଗ୍ରାମ ପ୍ଲାବିତ ହୁଏ। ଠିକାଦାର ନିୟମ ଉଲ୍ଲଂଘନ କରି କାମ କରୁଥିବା ସଂପୃକ୍ତ ବିଭାଗର ଅଧିକାରୀ ନୀରବ ଦର୍ଶକ ସାଜିଛନ୍ତି। ଉଚ୍ଚସ୍ତରୀୟ ତଦନ୍ତ ସହ ଗୁଣାତ୍ମକ ମାନର କାମ କରାଯିବା ପାଇଁ ଅଞ୍ଚଳବାସୀ ଦାବି କରିଛନ୍ତି। ଦାବି ପୂରଣ ନହେଲେ ଆନ୍ଦୋଳନ କରାଯିବ ବୋଲି ଚେତାବନୀ ଦିଆଯାଇଛି।
କେନ୍ଦ୍ରାପଡ଼ା ଜିଲା ରାଜନଗର ଓ ପ୍ରହରାଜପୁର ମଧ୍ୟରେ ନିର୍ମାଣ ହେଉଥିବା ରାସ୍ତା ଲୁଣା ଜୁଆର ପାଣିରେ ଭାଙ୍ଗିଯିବା ଆଶଙ୍କା ଦେଖାଦେଇଛି। ନିମ୍ନମାନର ପଙ୍କ ମାଟି ବ୍ୟବହାର କରି ରାସ୍ତା ନିର୍ମାଣ କରାଯାଉଥିବା ଅଞ୍ଚଳବାସୀ ଅଭିଯୋଗ କରିଛନ୍ତି। ନଦୀବନ୍ଧ ପାଖରେ ପଥର ପକାଯାଇଥିଲେ ମଧ୍ୟ ଏହା ସୁରକ୍ଷା ଦେଇପାରିବ ନାହିଁ ବୋଲି ଲୋକଙ୍କ ମତ। ପ୍ରତିବର୍ଷ ଜୁଆର ସମୟରେ ଲୁଣି ପାଣି ପଶି ଚାଷଜମି ଓ ଗ୍ରାମ ପ୍ଲାବିତ ହୁଏ। ଠିକାଦାର ନିୟମ ଉଲ୍ଲଂଘନ କରି କାମ କରୁଥିବା ସଂପୃକ୍ତ ବିଭାଗର ଅଧିକାରୀ ନୀରବ ଦର୍ଶକ ସାଜିଛନ୍ତି। ଉଚ୍ଚସ୍ତରୀୟ ତଦନ୍ତ ସହ ଗୁଣାତ୍ମକ ମାନର କାମ କରାଯିବା ପାଇଁ ଅଞ୍ଚଳବାସୀ ଦାବି କରିଛନ୍ତି। ଦାବି ପୂରଣ ନହେଲେ ଆନ୍ଦୋଳନ କରାଯିବ ବୋଲି ଚେତାବନୀ ଦିଆଯାଇଛି।
